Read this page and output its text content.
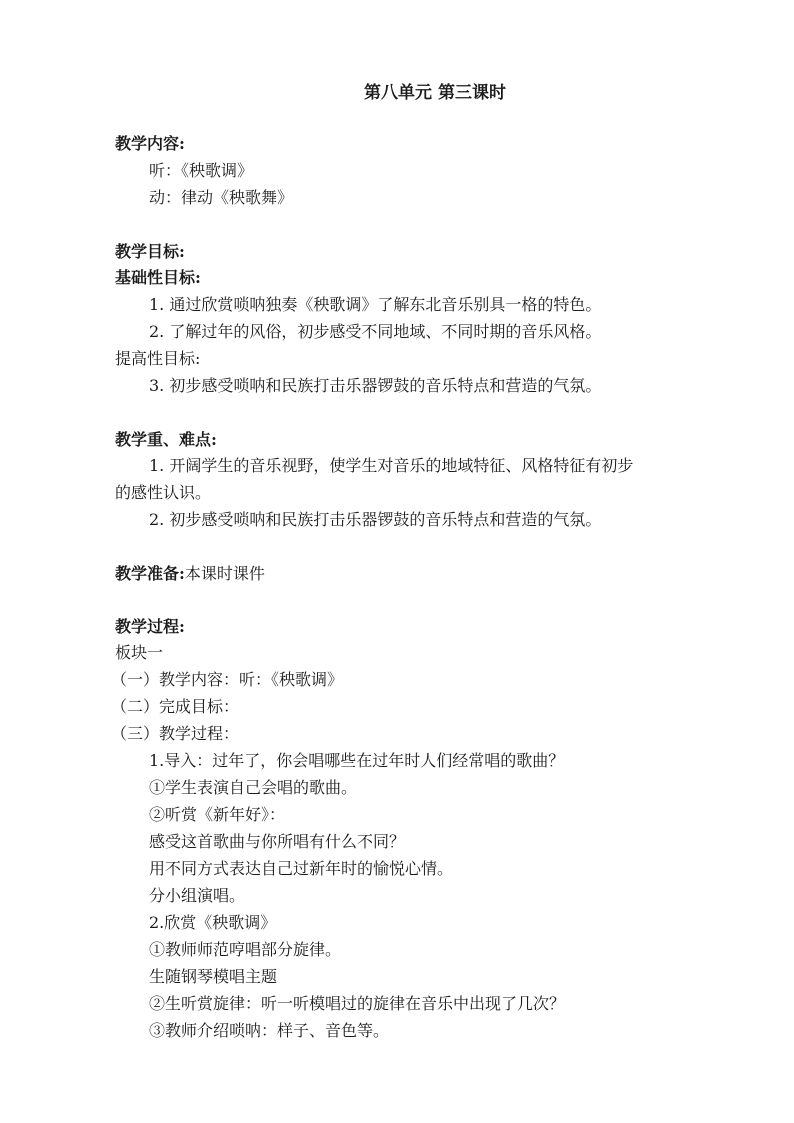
第八单元 第三课时
教学内容:
听：《秧歌调》
动：律动《秧歌舞》
教学目标:
基础性目标:
1. 通过欣赏唢呐独奏《秧歌调》了解东北音乐别具一格的特色。
2. 了解过年的风俗，初步感受不同地域、不同时期的音乐风格。
提高性目标:
3. 初步感受唢呐和民族打击乐器锣鼓的音乐特点和营造的气氛。
教学重、难点:
1. 开阔学生的音乐视野，使学生对音乐的地域特征、风格特征有初步
的感性认识。
2. 初步感受唢呐和民族打击乐器锣鼓的音乐特点和营造的气氛。
教学准备:本课时课件
教学过程:
板块一
（一）教学内容：听：《秧歌调》
（二）完成目标：
（三）教学过程：
1.导入：过年了，你会唱哪些在过年时人们经常唱的歌曲？
①学生表演自己会唱的歌曲。
②听赏《新年好》：
感受这首歌曲与你所唱有什么不同？
用不同方式表达自己过新年时的愉悦心情。
分小组演唱。
2.欣赏《秧歌调》
①教师师范哼唱部分旋律。
生随钢琴模唱主题
②生听赏旋律：听一听模唱过的旋律在音乐中出现了几次？
③教师介绍唢呐：样子、音色等。
